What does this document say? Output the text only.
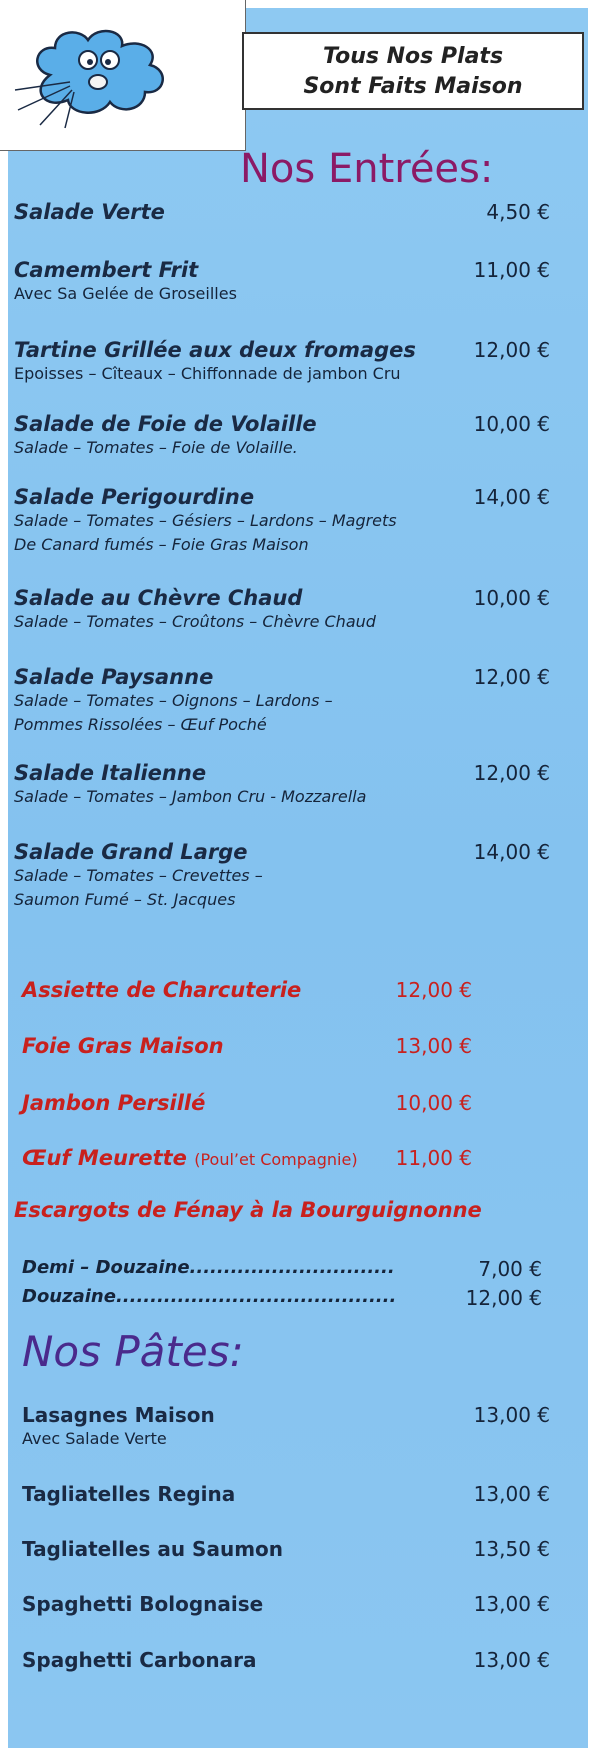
Tous Nos Plats
Sont Faits Maison
Nos Entrées:
Salade Verte	4,50 €
Camembert Frit	11,00 €
Avec Sa Gelée de Groseilles
Tartine Grillée aux deux fromages	12,00 €
Epoisses – Cîteaux – Chiffonnade de jambon Cru
Salade de Foie de Volaille	10,00 €
Salade – Tomates – Foie de Volaille.
Salade Perigourdine	14,00 €
Salade – Tomates – Gésiers – Lardons – Magrets
De Canard fumés – Foie Gras Maison
Salade au Chèvre Chaud	10,00 €
Salade – Tomates – Croûtons – Chèvre Chaud
Salade Paysanne	12,00 €
Salade – Tomates – Oignons – Lardons –
Pommes Rissolées – Œuf Poché
Salade Italienne	12,00 €
Salade – Tomates – Jambon Cru - Mozzarella
Salade Grand Large	14,00 €
Salade – Tomates – Crevettes –
Saumon Fumé – St. Jacques
Assiette de Charcuterie	12,00 €
Foie Gras Maison	13,00 €
Jambon Persillé	10,00 €
Œuf Meurette (Poul’et Compagnie) 11,00 €
Escargots de Fénay à la Bourguignonne
Demi – Douzaine..............................	7,00 €
Douzaine.........................................	12,00 €
Nos Pâtes:
Lasagnes Maison	13,00 €
Avec Salade Verte
Tagliatelles Regina	13,00 €
Tagliatelles au Saumon	13,50 €
Spaghetti Bolognaise	13,00 €
Spaghetti Carbonara	13,00 €
